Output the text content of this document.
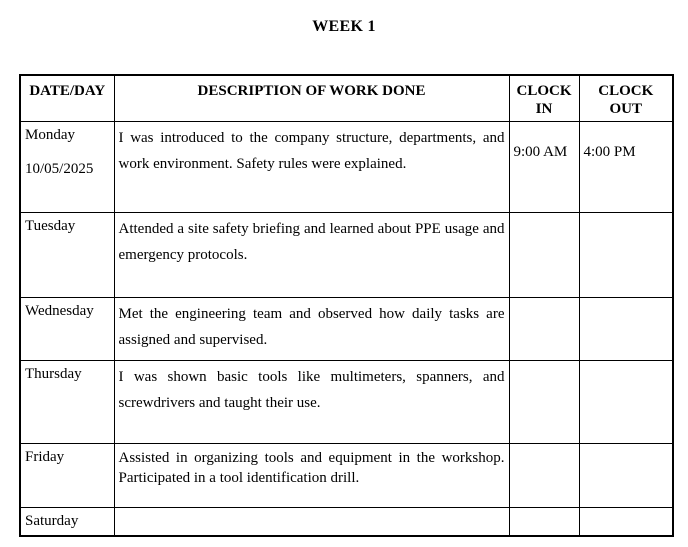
WEEK 1
DATE/DAY	DESCRIPTION OF WORK DONE	CLOCK IN	CLOCK OUT

Monday
10/05/2025	I was introduced to the company structure, departments, and work environment. Safety rules were explained.	9:00 AM	4:00 PM

Tuesday	Attended a site safety briefing and learned about PPE usage and emergency protocols.		

Wednesday	Met the engineering team and observed how daily tasks are assigned and supervised.		

Thursday	I was shown basic tools like multimeters, spanners, and screwdrivers and taught their use.		

Friday	Assisted in organizing tools and equipment in the workshop. Participated in a tool identification drill.		

Saturday			
